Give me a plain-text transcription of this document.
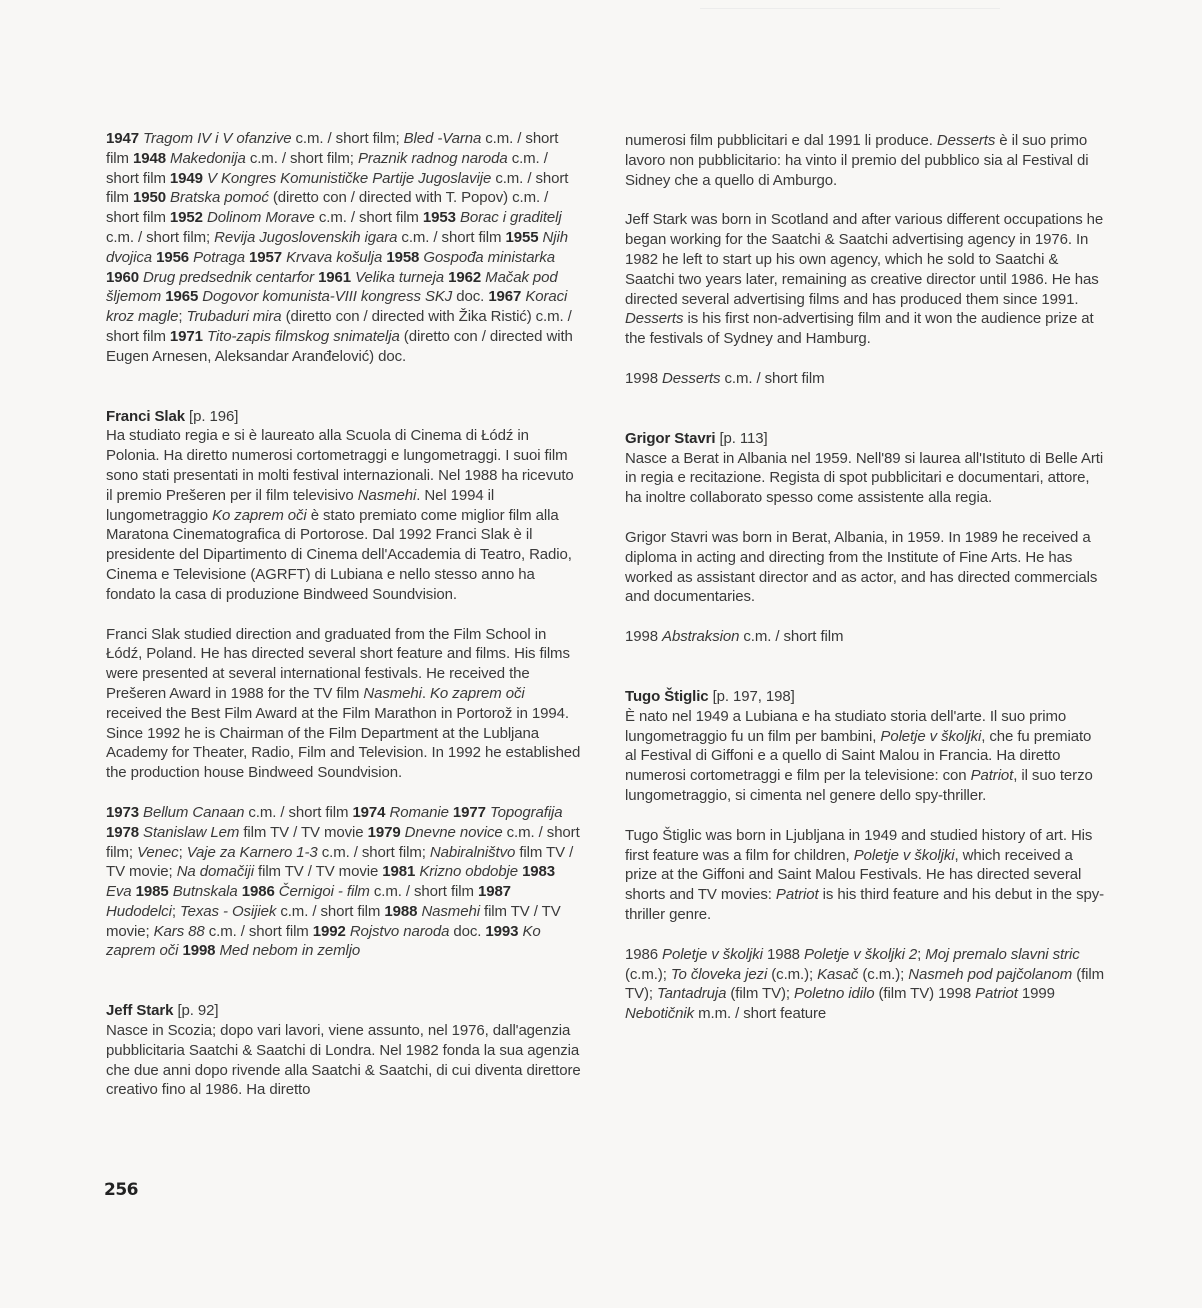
1947 Tragom IV i V ofanzive c.m. / short film; Bled -Varna c.m. / short film 1948 Makedonija c.m. / short film; Praznik radnog naroda c.m. / short film 1949 V Kongres Komunističke Partije Jugoslavije c.m. / short film 1950 Bratska pomoć (diretto con / directed with T. Popov) c.m. / short film 1952 Dolinom Morave c.m. / short film 1953 Borac i graditelj c.m. / short film; Revija Jugoslovenskih igara c.m. / short film 1955 Njih dvojica 1956 Potraga 1957 Krvava košulja 1958 Gospođa ministarka 1960 Drug predsednik centarfor 1961 Velika turneja 1962 Mačak pod šljemom 1965 Dogovor komunista-VIII kongress SKJ doc. 1967 Koraci kroz magle; Trubaduri mira (diretto con / directed with Žika Ristić) c.m. / short film 1971 Tito-zapis filmskog snimatelja (diretto con / directed with Eugen Arnesen, Aleksandar Aranđelović) doc.

Franci Slak [p. 196]

Ha studiato regia e si è laureato alla Scuola di Cinema di Łódź in Polonia. Ha diretto numerosi cortometraggi e lungometraggi. I suoi film sono stati presentati in molti festival internazionali. Nel 1988 ha ricevuto il premio Prešeren per il film televisivo Nasmehi. Nel 1994 il lungometraggio Ko zaprem oči è stato premiato come miglior film alla Maratona Cinematografica di Portorose. Dal 1992 Franci Slak è il presidente del Dipartimento di Cinema dell'Accademia di Teatro, Radio, Cinema e Televisione (AGRFT) di Lubiana e nello stesso anno ha fondato la casa di produzione Bindweed Soundvision.

Franci Slak studied direction and graduated from the Film School in Łódź, Poland. He has directed several short feature and films. His films were presented at several international festivals. He received the Prešeren Award in 1988 for the TV film Nasmehi. Ko zaprem oči received the Best Film Award at the Film Marathon in Portorož in 1994. Since 1992 he is Chairman of the Film Department at the Lubljana Academy for Theater, Radio, Film and Television. In 1992 he established the production house Bindweed Soundvision.

1973 Bellum Canaan c.m. / short film 1974 Romanie 1977 Topografija 1978 Stanislaw Lem film TV / TV movie 1979 Dnevne novice c.m. / short film; Venec; Vaje za Karnero 1-3 c.m. / short film; Nabiralništvo film TV / TV movie; Na domačiji film TV / TV movie 1981 Krizno obdobje 1983 Eva 1985 Butnskala 1986 Černigoi - film c.m. / short film 1987 Hudodelci; Texas - Osijiek c.m. / short film 1988 Nasmehi film TV / TV movie; Kars 88 c.m. / short film 1992 Rojstvo naroda doc. 1993 Ko zaprem oči 1998 Med nebom in zemljo

Jeff Stark [p. 92]

Nasce in Scozia; dopo vari lavori, viene assunto, nel 1976, dall'agenzia pubblicitaria Saatchi & Saatchi di Londra. Nel 1982 fonda la sua agenzia che due anni dopo rivende alla Saatchi & Saatchi, di cui diventa direttore creativo fino al 1986. Ha diretto

numerosi film pubblicitari e dal 1991 li produce. Desserts è il suo primo lavoro non pubblicitario: ha vinto il premio del pubblico sia al Festival di Sidney che a quello di Amburgo.

Jeff Stark was born in Scotland and after various different occupations he began working for the Saatchi & Saatchi advertising agency in 1976. In 1982 he left to start up his own agency, which he sold to Saatchi & Saatchi two years later, remaining as creative director until 1986. He has directed several advertising films and has produced them since 1991. Desserts is his first non-advertising film and it won the audience prize at the festivals of Sydney and Hamburg.

1998 Desserts c.m. / short film

Grigor Stavri [p. 113]

Nasce a Berat in Albania nel 1959. Nell'89 si laurea all'Istituto di Belle Arti in regia e recitazione. Regista di spot pubblicitari e documentari, attore, ha inoltre collaborato spesso come assistente alla regia.

Grigor Stavri was born in Berat, Albania, in 1959. In 1989 he received a diploma in acting and directing from the Institute of Fine Arts. He has worked as assistant director and as actor, and has directed commercials and documentaries.

1998 Abstraksion c.m. / short film

Tugo Štiglic [p. 197, 198]

È nato nel 1949 a Lubiana e ha studiato storia dell'arte. Il suo primo lungometraggio fu un film per bambini, Poletje v školjki, che fu premiato al Festival di Giffoni e a quello di Saint Malou in Francia. Ha diretto numerosi cortometraggi e film per la televisione: con Patriot, il suo terzo lungometraggio, si cimenta nel genere dello spy-thriller.

Tugo Štiglic was born in Ljubljana in 1949 and studied history of art. His first feature was a film for children, Poletje v školjki, which received a prize at the Giffoni and Saint Malou Festivals. He has directed several shorts and TV movies: Patriot is his third feature and his debut in the spy-thriller genre.

1986 Poletje v školjki 1988 Poletje v školjki 2; Moj premalo slavni stric (c.m.); To človeka jezi (c.m.); Kasač (c.m.); Nasmeh pod pajčolanom (film TV); Tantadruja (film TV); Poletno idilo (film TV) 1998 Patriot 1999 Nebotičnik m.m. / short feature

256
